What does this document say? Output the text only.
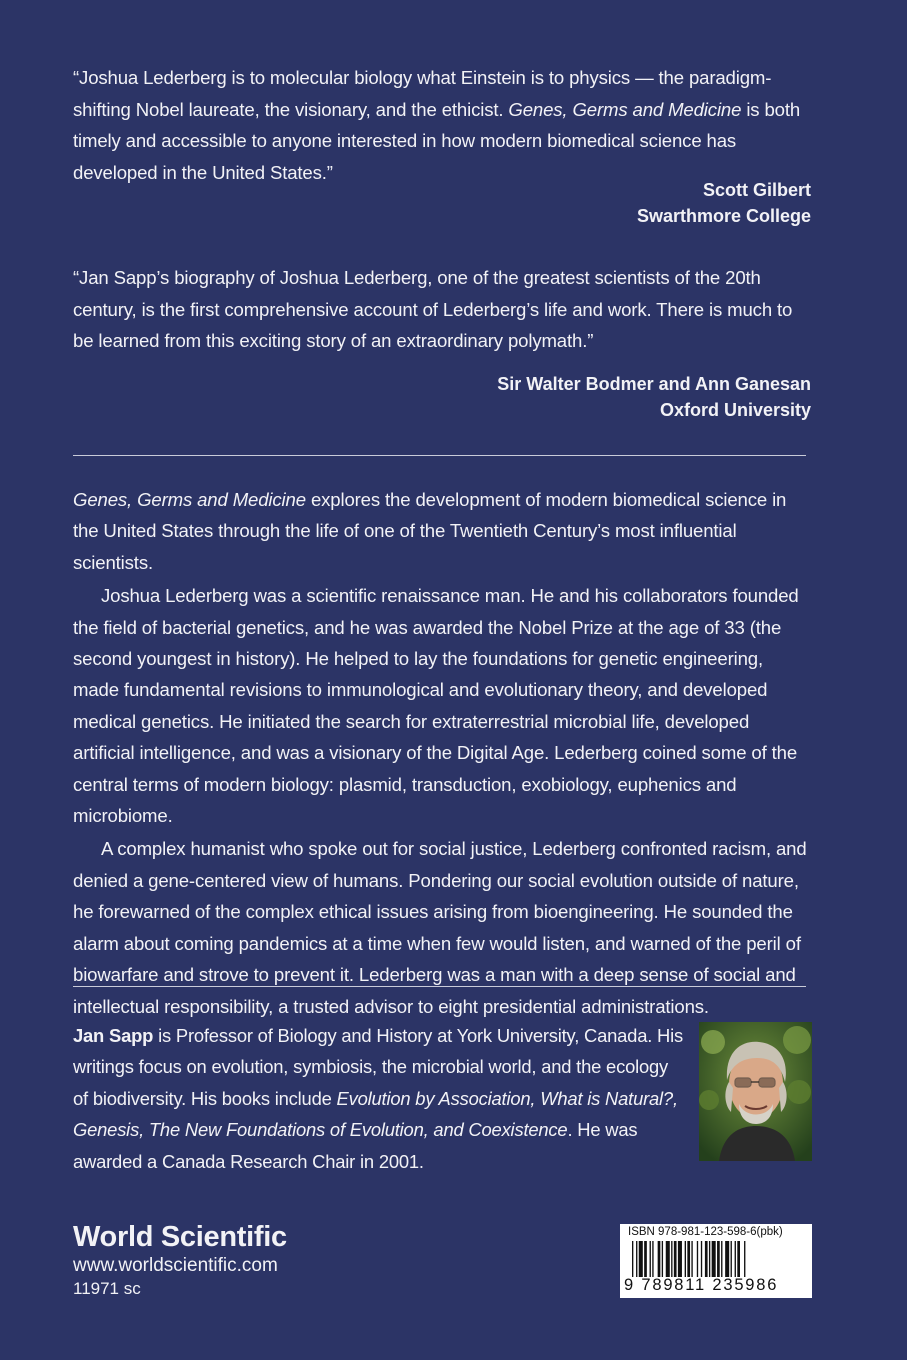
“Joshua Lederberg is to molecular biology what Einstein is to physics — the paradigm-shifting Nobel laureate, the visionary, and the ethicist. Genes, Germs and Medicine is both timely and accessible to anyone interested in how modern biomedical science has developed in the United States.”
Scott Gilbert
Swarthmore College
“Jan Sapp’s biography of Joshua Lederberg, one of the greatest scientists of the 20th century, is the first comprehensive account of Lederberg’s life and work. There is much to be learned from this exciting story of an extraordinary polymath.”
Sir Walter Bodmer and Ann Ganesan
Oxford University

Genes, Germs and Medicine explores the development of modern biomedical science in the United States through the life of one of the Twentieth Century’s most influential scientists.

Joshua Lederberg was a scientific renaissance man. He and his collaborators founded the field of bacterial genetics, and he was awarded the Nobel Prize at the age of 33 (the second youngest in history). He helped to lay the foundations for genetic engineering, made fundamental revisions to immunological and evolutionary theory, and developed medical genetics. He initiated the search for extraterrestrial microbial life, developed artificial intelligence, and was a visionary of the Digital Age. Lederberg coined some of the central terms of modern biology: plasmid, transduction, exobiology, euphenics and microbiome.

A complex humanist who spoke out for social justice, Lederberg confronted racism, and denied a gene-centered view of humans. Pondering our social evolution outside of nature, he forewarned of the complex ethical issues arising from bioengineering. He sounded the alarm about coming pandemics at a time when few would listen, and warned of the peril of biowarfare and strove to prevent it. Lederberg was a man with a deep sense of social and intellectual responsibility, a trusted advisor to eight presidential administrations.

Jan Sapp is Professor of Biology and History at York University, Canada. His writings focus on evolution, symbiosis, the microbial world, and the ecology of biodiversity. His books include Evolution by Association, What is Natural?, Genesis, The New Foundations of Evolution, and Coexistence. He was awarded a Canada Research Chair in 2001.
World Scientific
www.worldscientific.com
11971 sc
ISBN 978-981-123-598-6(pbk)
9 789811 235986
